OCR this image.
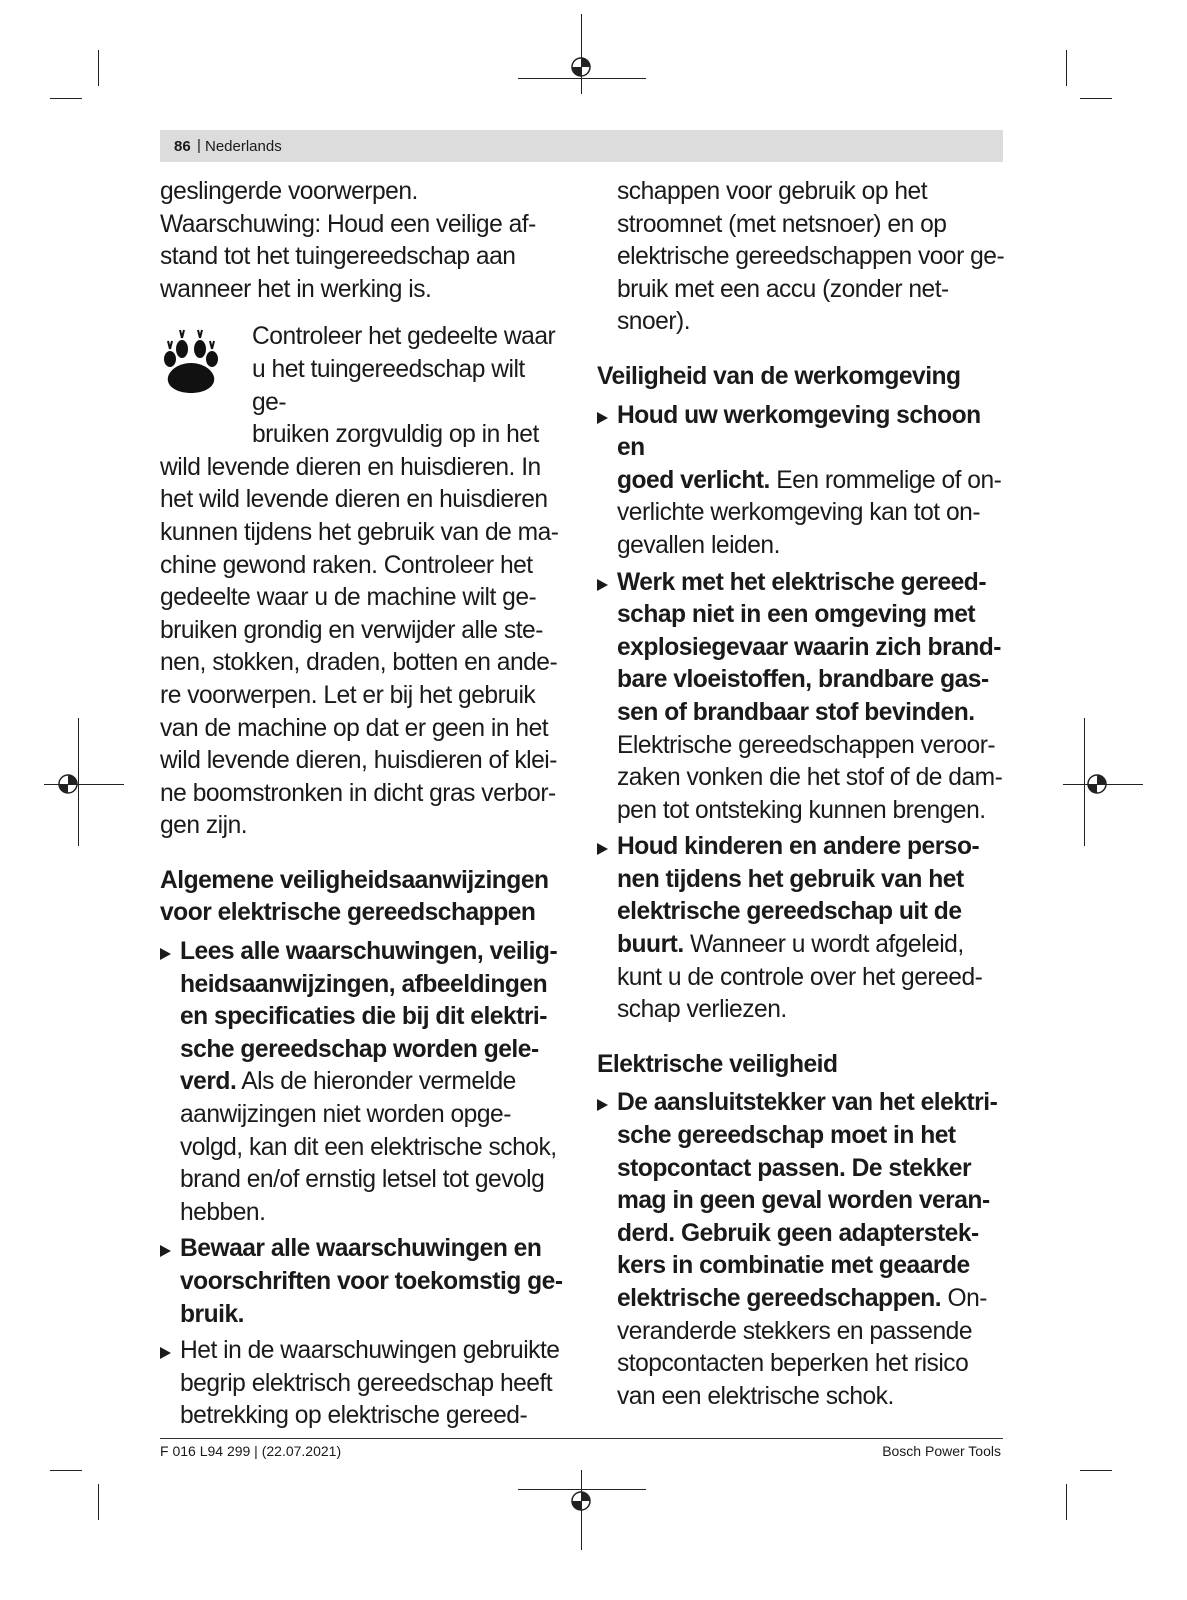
86 | Nederlands

geslingerde voorwerpen.

Waarschuwing: Houd een veilige af-

stand tot het tuingereedschap aan

wanneer het in werking is.

Controleer het gedeelte waar

u het tuingereedschap wilt ge-

bruiken zorgvuldig op in het

wild levende dieren en huisdieren. In

het wild levende dieren en huisdieren

kunnen tijdens het gebruik van de ma-

chine gewond raken. Controleer het

gedeelte waar u de machine wilt ge-

bruiken grondig en verwijder alle ste-

nen, stokken, draden, botten en ande-

re voorwerpen. Let er bij het gebruik

van de machine op dat er geen in het

wild levende dieren, huisdieren of klei-

ne boomstronken in dicht gras verbor-

gen zijn.

Algemene veiligheidsaanwijzingen
voor elektrische gereedschappen

Lees alle waarschuwingen, veilig-

heidsaanwijzingen, afbeeldingen

en specificaties die bij dit elektri-

sche gereedschap worden gele-

verd. Als de hieronder vermelde

aanwijzingen niet worden opge-

volgd, kan dit een elektrische schok,

brand en/of ernstig letsel tot gevolg

hebben.

Bewaar alle waarschuwingen en

voorschriften voor toekomstig ge-

bruik.

Het in de waarschuwingen gebruikte

begrip elektrisch gereedschap heeft

betrekking op elektrische gereed-

schappen voor gebruik op het

stroomnet (met netsnoer) en op

elektrische gereedschappen voor ge-

bruik met een accu (zonder net-

snoer).

Veiligheid van de werkomgeving

Houd uw werkomgeving schoon en

goed verlicht. Een rommelige of on-

verlichte werkomgeving kan tot on-

gevallen leiden.

Werk met het elektrische gereed-

schap niet in een omgeving met

explosiegevaar waarin zich brand-

bare vloeistoffen, brandbare gas-

sen of brandbaar stof bevinden.

Elektrische gereedschappen veroor-

zaken vonken die het stof of de dam-

pen tot ontsteking kunnen brengen.

Houd kinderen en andere perso-

nen tijdens het gebruik van het

elektrische gereedschap uit de

buurt. Wanneer u wordt afgeleid,

kunt u de controle over het gereed-

schap verliezen.

Elektrische veiligheid

De aansluitstekker van het elektri-

sche gereedschap moet in het

stopcontact passen. De stekker

mag in geen geval worden veran-

derd. Gebruik geen adapterstek-

kers in combinatie met geaarde

elektrische gereedschappen. On-

veranderde stekkers en passende

stopcontacten beperken het risico

van een elektrische schok.

F 016 L94 299 | (22.07.2021)	Bosch Power Tools
